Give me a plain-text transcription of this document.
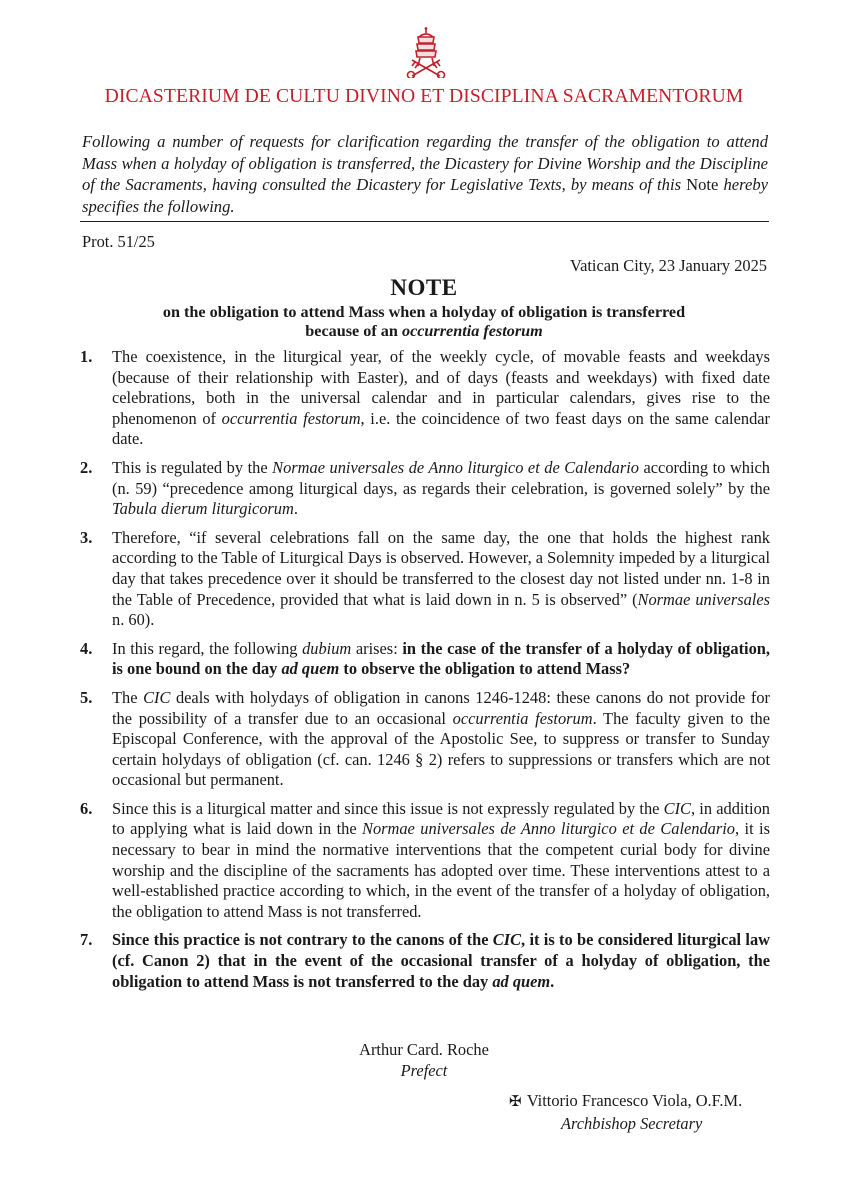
DICASTERIUM DE CULTU DIVINO ET DISCIPLINA SACRAMENTORUM
Following a number of requests for clarification regarding the transfer of the obligation to attend Mass when a holyday of obligation is transferred, the Dicastery for Divine Worship and the Discipline of the Sacraments, having consulted the Dicastery for Legislative Texts, by means of this Note hereby specifies the following.
Prot. 51/25
Vatican City, 23 January 2025
NOTE
on the obligation to attend Mass when a holyday of obligation is transferred
because of an occurrentia festorum
1. The coexistence, in the liturgical year, of the weekly cycle, of movable feasts and weekdays (because of their relationship with Easter), and of days (feasts and weekdays) with fixed date celebrations, both in the universal calendar and in particular calendars, gives rise to the phenomenon of occurrentia festorum, i.e. the coincidence of two feast days on the same calendar date.
2. This is regulated by the Normae universales de Anno liturgico et de Calendario according to which (n. 59) “precedence among liturgical days, as regards their celebration, is governed solely” by the Tabula dierum liturgicorum.
3. Therefore, “if several celebrations fall on the same day, the one that holds the highest rank according to the Table of Liturgical Days is observed. However, a Solemnity impeded by a liturgical day that takes precedence over it should be transferred to the closest day not listed under nn. 1-8 in the Table of Precedence, provided that what is laid down in n. 5 is observed” (Normae universales n. 60).
4. In this regard, the following dubium arises: in the case of the transfer of a holyday of obligation, is one bound on the day ad quem to observe the obligation to attend Mass?
5. The CIC deals with holydays of obligation in canons 1246-1248: these canons do not provide for the possibility of a transfer due to an occasional occurrentia festorum. The faculty given to the Episcopal Conference, with the approval of the Apostolic See, to suppress or transfer to Sunday certain holydays of obligation (cf. can. 1246 § 2) refers to suppressions or transfers which are not occasional but permanent.
6. Since this is a liturgical matter and since this issue is not expressly regulated by the CIC, in addition to applying what is laid down in the Normae universales de Anno liturgico et de Calendario, it is necessary to bear in mind the normative interventions that the competent curial body for divine worship and the discipline of the sacraments has adopted over time. These interventions attest to a well-established practice according to which, in the event of the transfer of a holyday of obligation, the obligation to attend Mass is not transferred.
7. Since this practice is not contrary to the canons of the CIC, it is to be considered liturgical law (cf. Canon 2) that in the event of the occasional transfer of a holyday of obligation, the obligation to attend Mass is not transferred to the day ad quem.
Arthur Card. Roche
Prefect
✠ Vittorio Francesco Viola, O.F.M.
Archbishop Secretary
